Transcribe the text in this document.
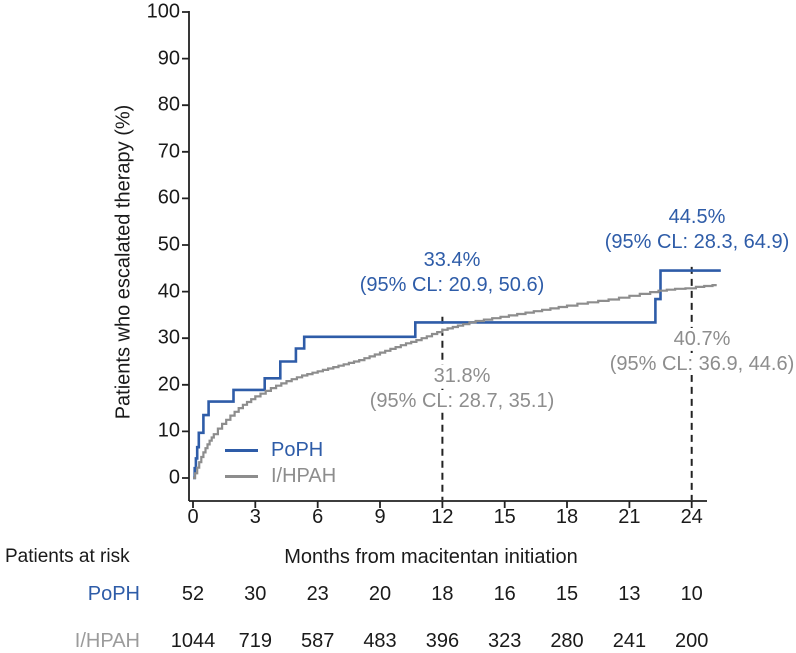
Patients who escalated therapy (%)
Months from macitentan initiation
33.4%
(95% CL: 20.9, 50.6)
44.5%
(95% CL: 28.3, 64.9)
31.8%
(95% CL: 28.7, 35.1)
40.7%
(95% CL: 36.9, 44.6)
PoPH
I/HPAH
Patients at risk
PoPH
I/HPAH
0
10
20
30
40
50
60
70
80
90
100
0	3	6	9 12 15 18 21 24
52 30 23 20 18 16 15 13 10
1044 719 587 483 396 323 280 241 200
